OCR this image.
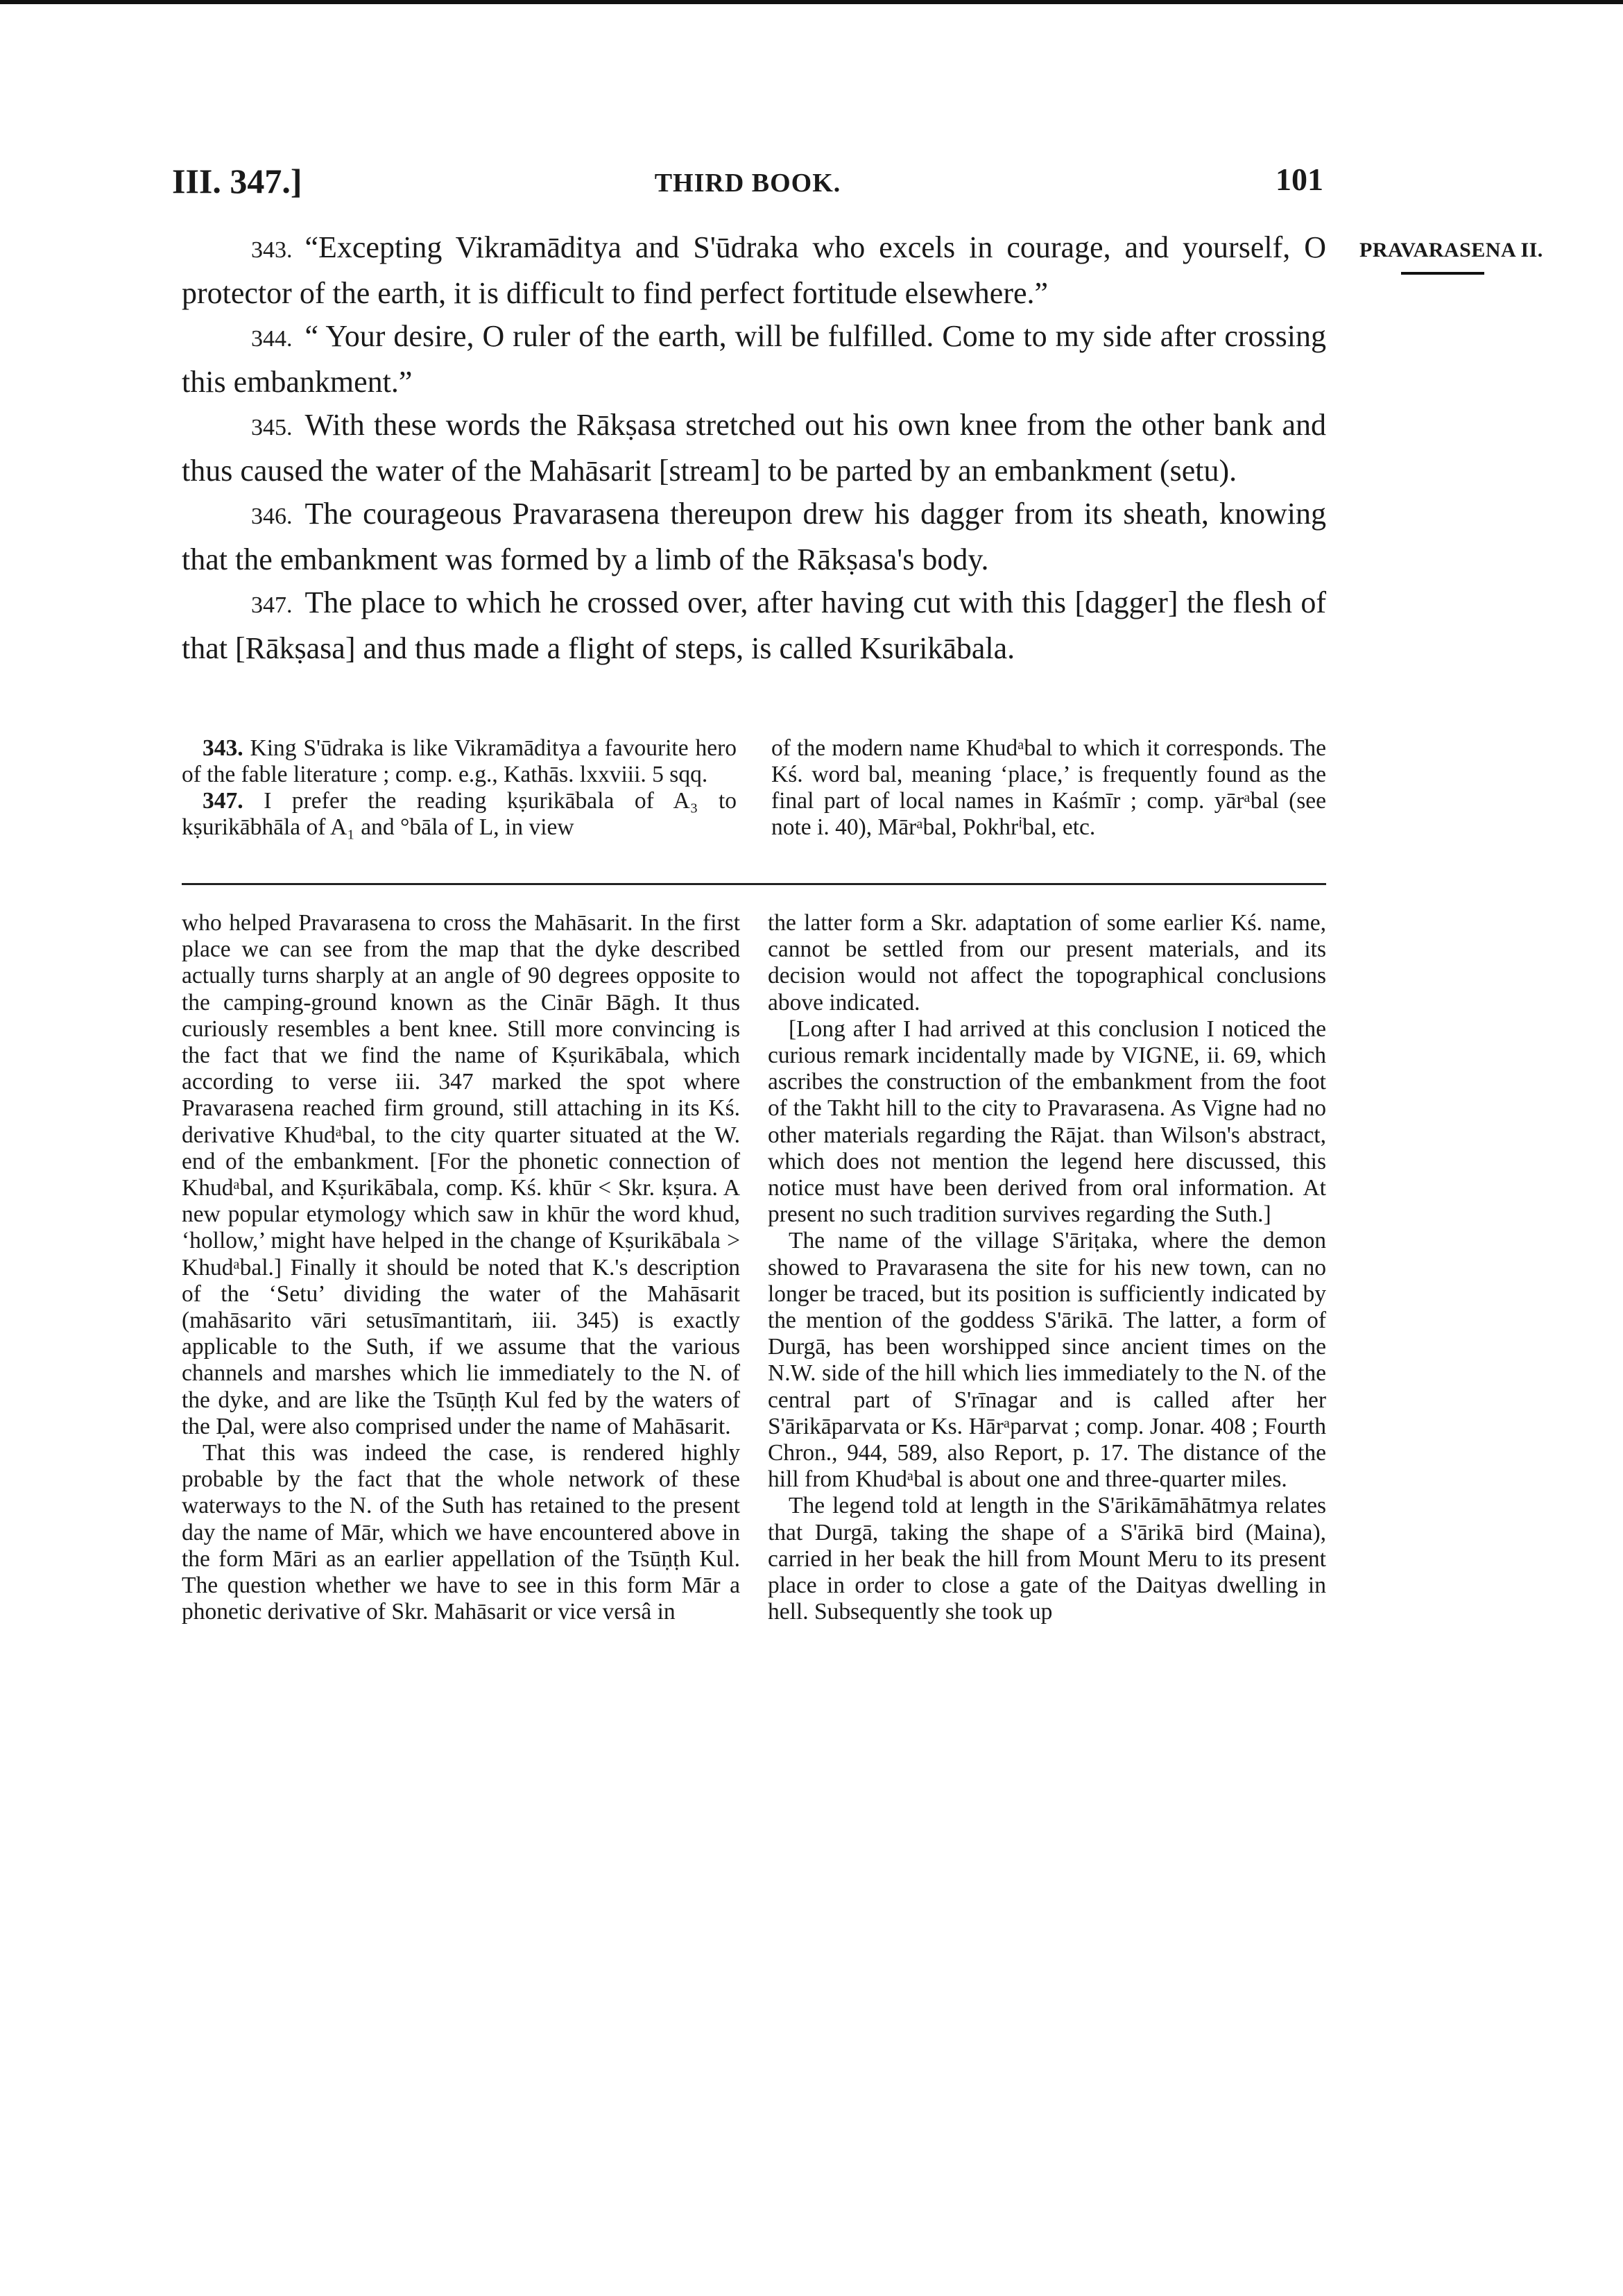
III. 347.]	THIRD BOOK.	101
PRAVARASENA II.

343. “Excepting Vikramāditya and S'ūdraka who excels in courage, and yourself, O protector of the earth, it is difficult to find perfect fortitude elsewhere.”

344. “ Your desire, O ruler of the earth, will be fulfilled. Come to my side after crossing this embankment.”

345. With these words the Rākṣasa stretched out his own knee from the other bank and thus caused the water of the Mahāsarit [stream] to be parted by an embankment (setu).

346. The courageous Pravarasena thereupon drew his dagger from its sheath, knowing that the embankment was formed by a limb of the Rākṣasa's body.

347. The place to which he crossed over, after having cut with this [dagger] the flesh of that [Rākṣasa] and thus made a flight of steps, is called Ksurikābala.

343. King S'ūdraka is like Vikramāditya a favourite hero of the fable literature ; comp. e.g., Kathās. lxxviii. 5 sqq.

347. I prefer the reading kṣurikābala of A₃ to kṣurikābhāla of A₁ and °bāla of L, in view

of the modern name Khudᵃbal to which it corresponds. The Kś. word bal, meaning ‘place,’ is frequently found as the final part of local names in Kaśmīr ; comp. yārᵃbal (see note i. 40), Mārᵃbal, Pokhrⁱbal, etc.

who helped Pravarasena to cross the Mahāsarit. In the first place we can see from the map that the dyke described actually turns sharply at an angle of 90 degrees opposite to the camping-ground known as the Cinār Bāgh. It thus curiously resembles a bent knee. Still more convincing is the fact that we find the name of Kṣurikābala, which according to verse iii. 347 marked the spot where Pravarasena reached firm ground, still attaching in its Kś. derivative Khudᵃbal, to the city quarter situated at the W. end of the embankment. [For the phonetic connection of Khudᵃbal, and Kṣurikābala, comp. Kś. khūr < Skr. kṣura. A new popular etymology which saw in khūr the word khud, ‘hollow,’ might have helped in the change of Kṣurikābala > Khudᵃbal.] Finally it should be noted that K.'s description of the ‘Setu’ dividing the water of the Mahāsarit (mahāsarito vāri setusīmantitaṁ, iii. 345) is exactly applicable to the Suth, if we assume that the various channels and marshes which lie immediately to the N. of the dyke, and are like the Tsūṇṭh Kul fed by the waters of the Ḍal, were also comprised under the name of Mahāsarit.

That this was indeed the case, is rendered highly probable by the fact that the whole network of these waterways to the N. of the Suth has retained to the present day the name of Mār, which we have encountered above in the form Māri as an earlier appellation of the Tsūṇṭh Kul. The question whether we have to see in this form Mār a phonetic derivative of Skr. Mahāsarit or vice versâ in

the latter form a Skr. adaptation of some earlier Kś. name, cannot be settled from our present materials, and its decision would not affect the topographical conclusions above indicated.

[Long after I had arrived at this conclusion I noticed the curious remark incidentally made by VIGNE, ii. 69, which ascribes the construction of the embankment from the foot of the Takht hill to the city to Pravarasena. As Vigne had no other materials regarding the Rājat. than Wilson's abstract, which does not mention the legend here discussed, this notice must have been derived from oral information. At present no such tradition survives regarding the Suth.]

The name of the village S'āriṭaka, where the demon showed to Pravarasena the site for his new town, can no longer be traced, but its position is sufficiently indicated by the mention of the goddess S'ārikā. The latter, a form of Durgā, has been worshipped since ancient times on the N.W. side of the hill which lies immediately to the N. of the central part of S'rīnagar and is called after her S'ārikāparvata or Ks. Hārᵃparvat ; comp. Jonar. 408 ; Fourth Chron., 944, 589, also Report, p. 17. The distance of the hill from Khudᵃbal is about one and three-quarter miles.

The legend told at length in the S'ārikāmāhātmya relates that Durgā, taking the shape of a S'ārikā bird (Maina), carried in her beak the hill from Mount Meru to its present place in order to close a gate of the Daityas dwelling in hell. Subsequently she took up
